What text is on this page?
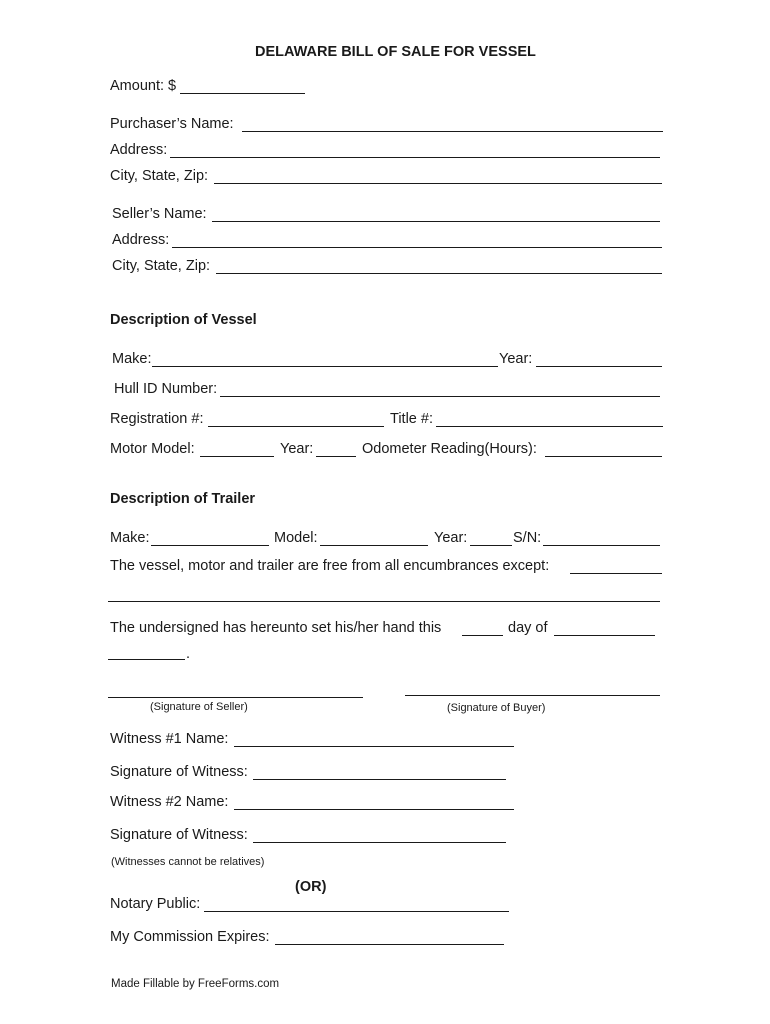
DELAWARE BILL OF SALE FOR VESSEL
Amount: $
Purchaser’s Name:
Address:
City, State, Zip:
Seller’s Name:
Address:
City, State, Zip:
Description of Vessel
Make:	Year:
Hull ID Number:
Registration #:	Title #:
Motor Model:	Year:	Odometer Reading(Hours):
Description of Trailer
Make:	Model:	Year:	S/N:
The vessel, motor and trailer are free from all encumbrances except:
The undersigned has hereunto set his/her hand this	day of
.
(Signature of Seller)	(Signature of Buyer)
Witness #1 Name:
Signature of Witness:
Witness #2 Name:
Signature of Witness:
(Witnesses cannot be relatives)
(OR)
Notary Public:
My Commission Expires:
Made Fillable by FreeForms.com
